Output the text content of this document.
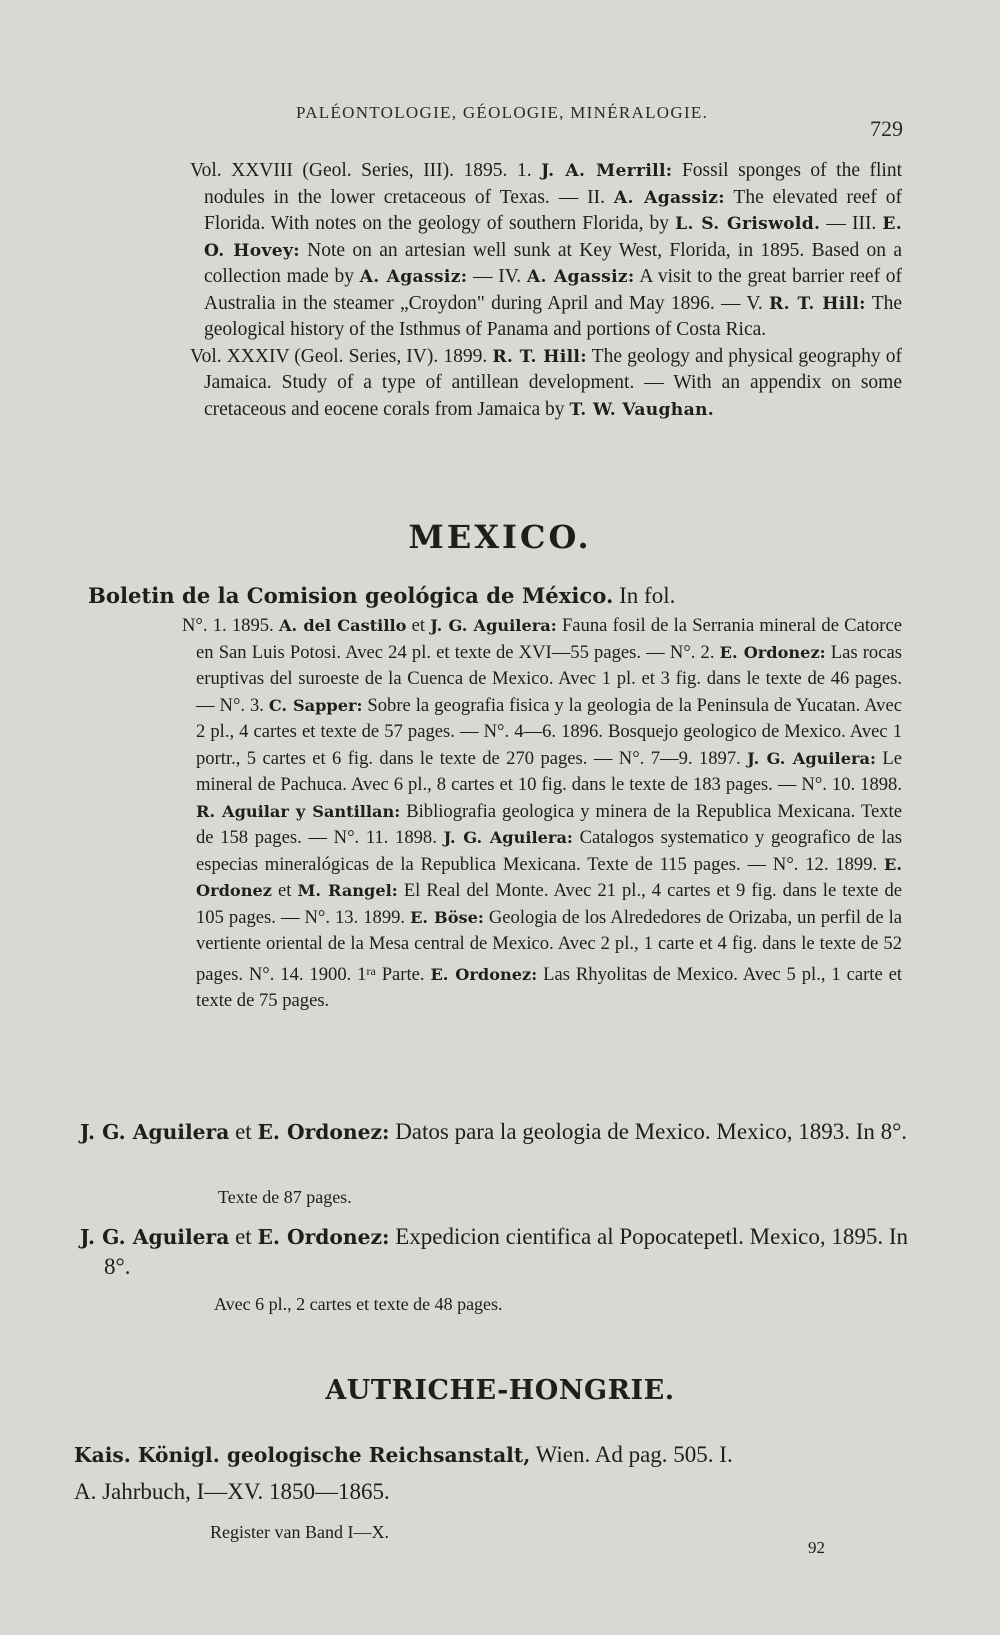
PALÉONTOLOGIE, GÉOLOGIE, MINÉRALOGIE.
729

Vol. XXVIII (Geol. Series, III). 1895. 1. J. A. Merrill: Fossil sponges of the flint nodules in the lower cretaceous of Texas. — II. A. Agassiz: The elevated reef of Florida. With notes on the geology of southern Florida, by L. S. Griswold. — III. E. O. Hovey: Note on an artesian well sunk at Key West, Florida, in 1895. Based on a collection made by A. Agassiz: — IV. A. Agassiz: A visit to the great barrier reef of Australia in the steamer „Croydon" during April and May 1896. — V. R. T. Hill: The geological history of the Isthmus of Panama and portions of Costa Rica.

Vol. XXXIV (Geol. Series, IV). 1899. R. T. Hill: The geology and physical geography of Jamaica. Study of a type of antillean development. — With an appendix on some cretaceous and eocene corals from Jamaica by T. W. Vaughan.

MEXICO.
Boletin de la Comision geológica de México. In fol.

N°. 1. 1895. A. del Castillo et J. G. Aguilera: Fauna fosil de la Serrania mineral de Catorce en San Luis Potosi. Avec 24 pl. et texte de XVI—55 pages. — N°. 2. E. Ordonez: Las rocas eruptivas del suroeste de la Cuenca de Mexico. Avec 1 pl. et 3 fig. dans le texte de 46 pages. — N°. 3. C. Sapper: Sobre la geografia fisica y la geologia de la Peninsula de Yucatan. Avec 2 pl., 4 cartes et texte de 57 pages. — N°. 4—6. 1896. Bosquejo geologico de Mexico. Avec 1 portr., 5 cartes et 6 fig. dans le texte de 270 pages. — N°. 7—9. 1897. J. G. Aguilera: Le mineral de Pachuca. Avec 6 pl., 8 cartes et 10 fig. dans le texte de 183 pages. — N°. 10. 1898. R. Aguilar y Santillan: Bibliografia geologica y minera de la Republica Mexicana. Texte de 158 pages. — N°. 11. 1898. J. G. Aguilera: Catalogos systematico y geografico de las especias mineralógicas de la Republica Mexicana. Texte de 115 pages. — N°. 12. 1899. E. Ordonez et M. Rangel: El Real del Monte. Avec 21 pl., 4 cartes et 9 fig. dans le texte de 105 pages. — N°. 13. 1899. E. Böse: Geologia de los Alrededores de Orizaba, un perfil de la vertiente oriental de la Mesa central de Mexico. Avec 2 pl., 1 carte et 4 fig. dans le texte de 52 pages. N°. 14. 1900. $1^{ra}$ Parte. E. Ordonez: Las Rhyolitas de Mexico. Avec 5 pl., 1 carte et texte de 75 pages.

J. G. Aguilera et E. Ordonez: Datos para la geologia de Mexico. Mexico, 1893. In 8°.
Texte de 87 pages.
J. G. Aguilera et E. Ordonez: Expedicion cientifica al Popocatepetl. Mexico, 1895. In 8°.
Avec 6 pl., 2 cartes et texte de 48 pages.
AUTRICHE-HONGRIE.
Kais. Königl. geologische Reichsanstalt, Wien. Ad pag. 505. I.
A. Jahrbuch, I—XV. 1850—1865.
Register van Band I—X.
92
